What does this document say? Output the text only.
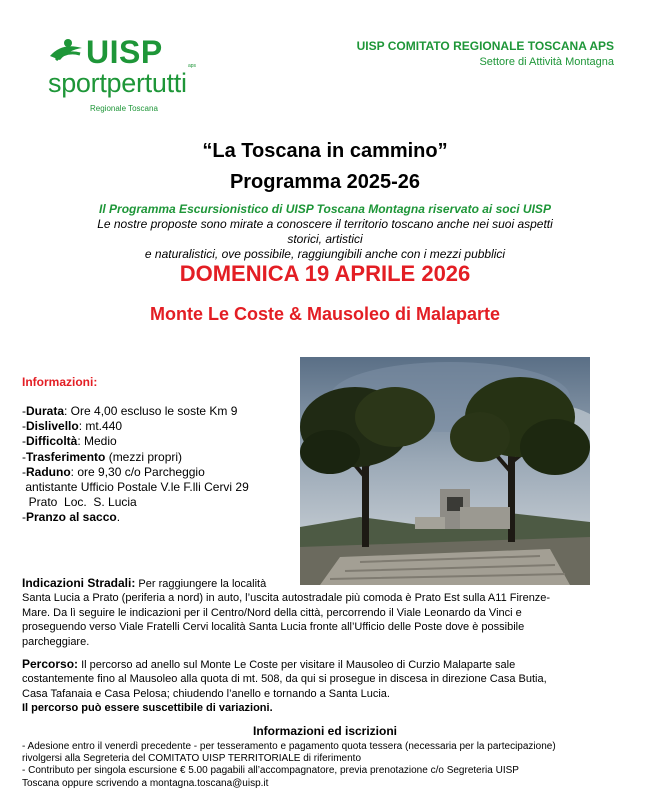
UISP	aps
sportpertutti
Regionale Toscana
UISP COMITATO REGIONALE TOSCANA APS
Settore di Attività Montagna
“La Toscana in cammino”
Programma 2025-26
Il Programma Escursionistico di UISP Toscana Montagna riservato ai soci UISP
Le nostre proposte sono mirate a conoscere il territorio toscano anche nei suoi aspetti storici, artistici
e naturalistici, ove possibile, raggiungibili anche con i mezzi pubblici
DOMENICA 19 APRILE 2026
Monte Le Coste & Mausoleo di Malaparte
Informazioni:
-Durata: Ore 4,00 escluso le soste Km 9
-Dislivello: mt.440
-Difficoltà: Medio
-Trasferimento (mezzi propri)
-Raduno: ore 9,30 c/o Parcheggio
antistante Ufficio Postale V.le F.lli Cervi 29
Prato  Loc.  S. Lucia
-Pranzo al sacco.
Indicazioni Stradali: Per raggiungere la località
Santa Lucia a Prato (periferia a nord) in auto, l’uscita autostradale più comoda è Prato Est sulla A11 Firenze-
Mare. Da lì seguire le indicazioni per il Centro/Nord della città, percorrendo il Viale Leonardo da Vinci e
proseguendo verso Viale Fratelli Cervi località Santa Lucia fronte all’Ufficio delle Poste dove è possibile
parcheggiare.
Percorso: Il percorso ad anello sul Monte Le Coste per visitare il Mausoleo di Curzio Malaparte sale
costantemente fino al Mausoleo alla quota di mt. 508, da qui si prosegue in discesa in direzione Casa Butia,
Casa Tafanaia e Casa Pelosa; chiudendo l’anello e tornando a Santa Lucia.
Il percorso può essere suscettibile di variazioni.
Informazioni ed iscrizioni
- Adesione entro il venerdì precedente - per tesseramento e pagamento quota tessera (necessaria per la partecipazione)
rivolgersi alla Segreteria del COMITATO UISP TERRITORIALE di riferimento
- Contributo per singola escursione € 5.00 pagabili all’accompagnatore, previa prenotazione c/o Segreteria UISP
Toscana oppure scrivendo a montagna.toscana@uisp.it
